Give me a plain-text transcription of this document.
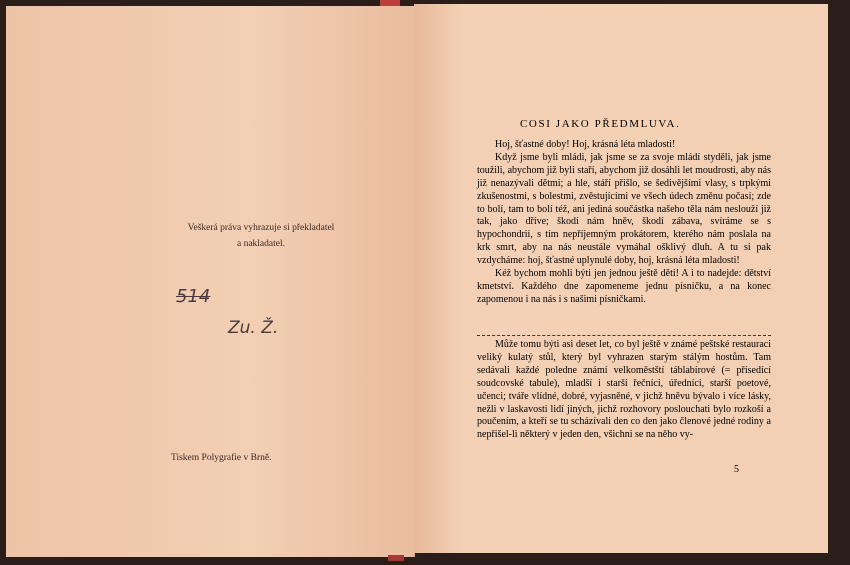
Veškerá práva vyhrazuje si překladatel
a nakladatel.
514
Zu. Ž.
Tiskem Polygrafie v Brně.
COSI JAKO PŘEDMLUVA.

Hoj, šťastné doby! Hoj, krásná léta mladosti!

Když jsme byli mládi, jak jsme se za svoje mládí styděli, jak jsme toužili, abychom již byli staří, abychom již dosáhli let moudrosti, aby nás již nenazývali dětmi; a hle, stáří přišlo, se šedivějšími vlasy, s trpkými zkušenostmi, s bolestmi, zvěstujícími ve všech údech změnu počasí; zde to bolí, tam to bolí též, ani jediná součástka našeho těla nám neslouží již tak, jako dříve; škodí nám hněv, škodí zábava, svíráme se s hypochondrií, s tím nepříjemným prokátorem, kterého nám poslala na krk smrt, aby na nás neustále vymáhal ošklivý dluh. A tu si pak vzdycháme: hoj, šťastné uplynulé doby, hoj, krásná léta mladosti!

Kéž bychom mohli býti jen jednou ještě děti! A i to nadejde: dětství kmetství. Každého dne zapomeneme jednu písničku, a na konec zapomenou i na nás i s našimi písničkami.

Může tomu býti asi deset let, co byl ještě v známé peštské restauraci veliký kulatý stůl, který byl vyhrazen starým stálým hostům. Tam sedávali každé poledne známí velkoměstští táblabírové (= přísedící soudcovské tabule), mladší i starší řečníci, úředníci, starší poetové, učenci; tváře vlídné, dobré, vyjasněné, v jichž hněvu bývalo i více lásky, nežli v laskavosti lidí jiných, jichž rozhovory poslouchati bylo rozkoší a poučením, a kteří se tu scházívali den co den jako členové jedné rodiny a nepřišel-li některý v jeden den, všichni se na něho vy-

5
